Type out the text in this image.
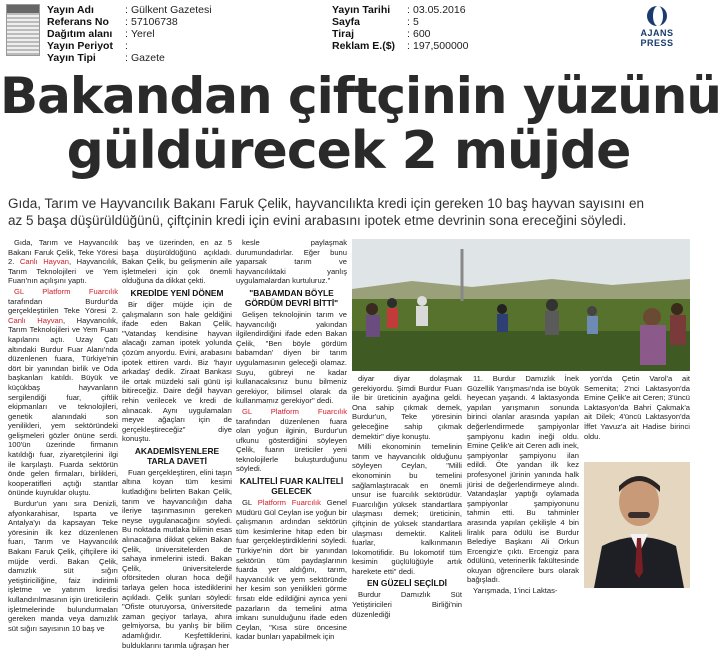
Yayın Adı	: Gülkent Gazetesi
Referans No : 57106738
Dağıtım alanı : Yerel
Yayın Periyot :
Yayın Tipi	: Gazete
Yayın Tarihi : 03.05.2016
Sayfa	: 5
Tiraj	: 600
Reklam E.($) : 197,500000
AJANS PRESS
Bakandan çiftçinin yüzünü
güldürecek 2 müjde
Gıda, Tarım ve Hayvancılık Bakanı Faruk Çelik, hayvancılıkta kredi için gereken 10 baş hayvan sayısını en
az 5 başa düşürüldüğünü, çiftçinin kredi için evini arabasını ipotek etme devrinin sona ereceğini söyledi.

Gıda, Tarım ve Hayvancılık Bakanı Faruk Çelik, Teke Yöresi 2. Canlı Hayvan, Hayvancılık, Tarım Teknolojileri ve Yem Fuarı'nın açılışını yaptı.

GL Platform Fuarcılık tarafından Burdur'da gerçekleştirilen Teke Yöresi 2. Canlı Hayvan, Hayvancılık, Tarım Teknolojileri ve Yem Fuarı kapılarını açtı. Uzay Çatı altındaki Burdur Fuar Alanı'nda düzenlenen fuara, Türkiye'nin dört bir yanından birlik ve Oda başkanları katıldı. Büyük ve küçükbaş hayvanların sergilendiği fuar, çiftlik ekipmanları ve teknolojileri, genetik alanındaki son yenilikleri, yem sektöründeki gelişmeleri gözler önüne serdi. 100'ün üzerinde firmanın katıldığı fuar, ziyaretçilerini ilgi ile karşılaştı. Fuarda sektörün önde gelen firmaları, birlikleri, kooperatifleri açtığı stantlar önünde kuyruklar oluştu.

Burdur'un yanı sıra Denizli, afyonkarahisar, Isparta ve Antalya'yı da kapsayan Teke yöresinin ilk kez düzenlenen fuarı, Tarım ve Hayvancılık Bakanı Faruk Çelik, çiftçilere iki müjde verdi. Bakan Çelik, damızlık süt sığırı yetiştiriciliğine, faiz indirimli işletme ve yatırım kredisi kullandırılmasının işin üreticilerin işletmelerinde bulundurmaları gereken manda veya damızlık süt sığırı sayısının 10 baş ve

baş ve üzerinden, en az 5 başa düşürüldüğünü açıkladı. Bakan Çelik, bu gelişmenin aile işletmeleri için çok önemli olduğuna da dikkat çekti.

KREDİDE YENİ DÖNEM

Bir diğer müjde için de çalışmaların son hale geldiğini ifade eden Bakan Çelik, "Vatandaş kendisine hayvan alacağı zaman ipotek yolunda çözüm arıyordu. Evini, arabasını ipotek ettiren vardı. Biz 'hayır arkadaş' dedik. Ziraat Bankası ile ortak müzdeki sali günü işi bitireceğiz. Daire değil hayvan rehin verilecek ve kredi de alınacak. Aynı uygulamaları meyve ağaçları için de gerçekleştireceğiz" diye konuştu.

AKADEMİSYENLERE TARLA DAVETİ

Fuarı gerçekleştiren, elini taşın altına koyan tüm kesimi kutladığını belirten Bakan Çelik, tarım ve hayvancılığın daha ileriye taşınmasının gereken neyse uygulanacağını söyledi. Bu noktada mutlaka bilimin esas alınacağına dikkat çeken Bakan Çelik, üniversitelerden de sahaya inmelerini istedi. Bakan Çelik, üniversitelerde oförsiteden oluran hoca değil tarlaya gelen hoca istediklerini açıkladı. Çelik şunları söyledi: "Ofiste oturuyorsa, üniversitede zaman geçiyor tarlaya, ahıra gelmiyorsa, bu yanlış bir bilim adamlığıdır. Keşfettiklerini, bulduklarını tarımla uğraşan her

kesle paylaşmak durumundadırlar. Eğer bunu yaparsak tarım ve hayvancılıktaki yanlış uygulamalardan kurtuluruz."

"BABAMDAN BÖYLE GÖRDÜM DEVRİ BİTTİ"

Gelişen teknolojinin tarım ve hayvancılığı yakından ilgilendirdiğini ifade eden Bakan Çelik, "Ben böyle gördüm babamdan' diyen bir tarım uygulamasının geleceği olamaz. Suyu, gübreyi ne kadar kullanacaksınız bunu bilmeniz gerekiyor, bilimsel olarak da kullanmamız gerekiyor" dedi.

GL Platform Fuarcılık tarafından düzenlenen fuara olan yoğun ilginin, Burdur'un ufkunu gösterdiğini söyleyen Çelik, fuarın üreticiler yeni teknolojilerle buluşturduğunu söyledi.

KALİTELİ FUAR KALİTELİ GELECEK

GL Platform Fuarcılık Genel Müdürü Gül Ceylan ise yoğun bir çalışmanın ardından sektörün tüm kesimlerine hitap eden bir fuar gerçekleştirdiklerini söyledi. Türkiye'nin dört bir yanından sektörün tüm paydaşlarının fuarda yer aldığını, tarım, hayvancılık ve yem sektöründe her kesim son yenilikleri görme fırsatı elde edildiğini ayrıca yeni pazarların da temelini atma imkanı sunulduğunu ifade eden Ceylan, "Kısa süre öncesine kadar bunları yapabilmek için

diyar diyar dolaşmak gerekiyordu. Şimdi Burdur Fuarı ile bir üreticinin ayağına geldi. Ona sahip çıkmak demek, Burdur'un, Teke yöresinin geleceğine sahip çıkmak demektir" diye konuştu.

Milli ekonominin temelinin tarım ve hayvancılık olduğunu söyleyen Ceylan, "Milli ekonominin bu temelini sağlamlaştıracak en önemli unsur ise fuarcılık sektörüdür. Fuarcılığın yüksek standartlara ulaşması demek; üreticinin, çiftçinin de yüksek standartlara ulaşması demektir. Kaliteli fuarlar, kalkınmanın lokomotifidir. Bu lokomotif tüm kesimin güçlülüğüyle artık harekete etti" dedi.

EN GÜZELİ SEÇİLDİ

Burdur Damızlık Süt Yetiştiricileri Birliği'nin düzenlediği

11. Burdur Damızlık İnek Güzellik Yarışması'nda ise büyük heyecan yaşandı. 4 laktasyonda yapılan yarışmanın sonunda birinci olanlar arasında yapılan değerlendirmede şampiyonlar şampiyonu kadın ineği oldu. Emine Çelik'e ait Ceren adlı inek, şampiyonlar şampiyonu ilan edildi. Öte yandan ilk kez profesyonel jürinin yanında halk jürisi de değerlendirmeye alındı. Vatandaşlar yaptığı oylamada şampiyonlar şampiyonunu tahmin etti. Bu tahminler arasında yapılan çekilişle 4 bin liralık para ödülü ise Burdur Belediye Başkanı Ali Orkun Ercengiz'e çıktı. Ercengiz para ödülünü, veterinerlik fakültesinde okuyan öğrencilere burs olarak bağışladı.

Yarışmada, 1'inci Laktas-

yon'da Çetin Varol'a ait Semenita; 2'nci Laktasyon'da Emine Çelik'e ait Ceren; 3'üncü Laktasyon'da Bahri Çakmak'a ait Dilek; 4'üncü Laktasyon'da İffet Yavuz'a ait Hadise birinci oldu.
